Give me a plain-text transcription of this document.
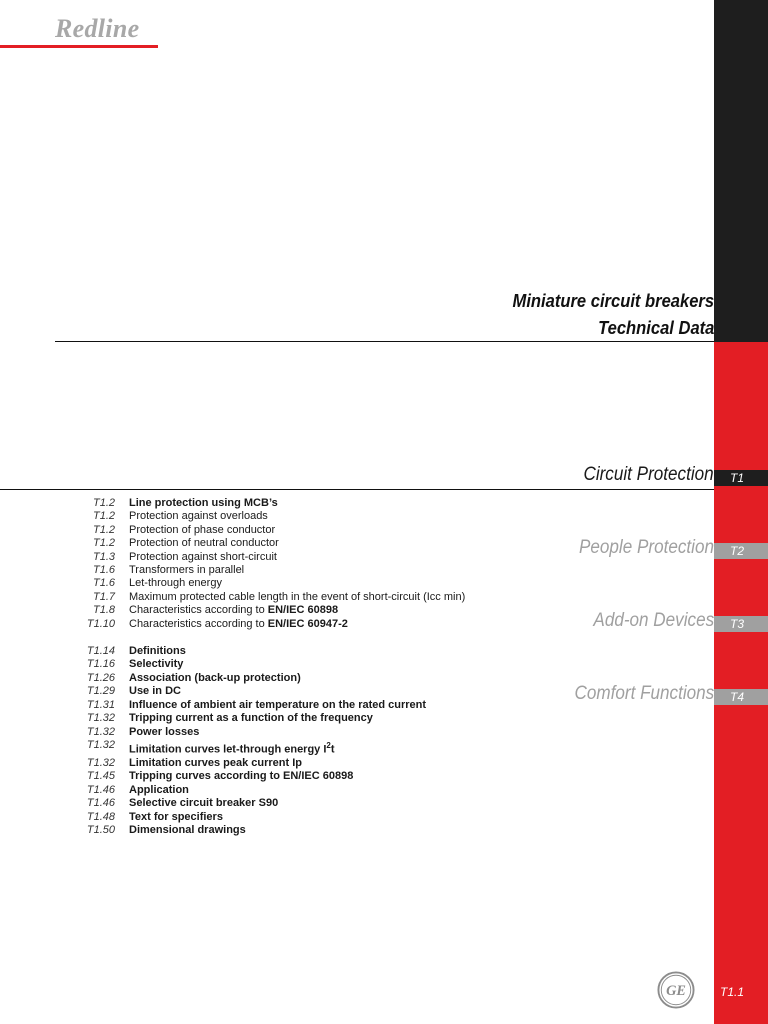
Redline
Miniature circuit breakers
Technical Data
Circuit Protection
People Protection
Add-on Devices
Comfort Functions
T1
T2
T3
T4
T1.2 Line protection using MCB’s
T1.2 Protection against overloads
T1.2 Protection of phase conductor
T1.2 Protection of neutral conductor
T1.3 Protection against short-circuit
T1.6 Transformers in parallel
T1.6 Let-through energy
T1.7 Maximum protected cable length in the event of short-circuit (Icc min)
T1.8 Characteristics according to EN/IEC 60898
T1.10 Characteristics according to EN/IEC 60947-2
T1.14 Definitions
T1.16 Selectivity
T1.26 Association (back-up protection)
T1.29 Use in DC
T1.31 Influence of ambient air temperature on the rated current
T1.32 Tripping current as a function of the frequency
T1.32 Power losses
T1.32 Limitation curves let-through energy $I^2t$
T1.32 Limitation curves peak current Ip
T1.45 Tripping curves according to EN/IEC 60898
T1.46 Application
T1.46 Selective circuit breaker S90
T1.48 Text for specifiers
T1.50 Dimensional drawings
GE	T1.1
